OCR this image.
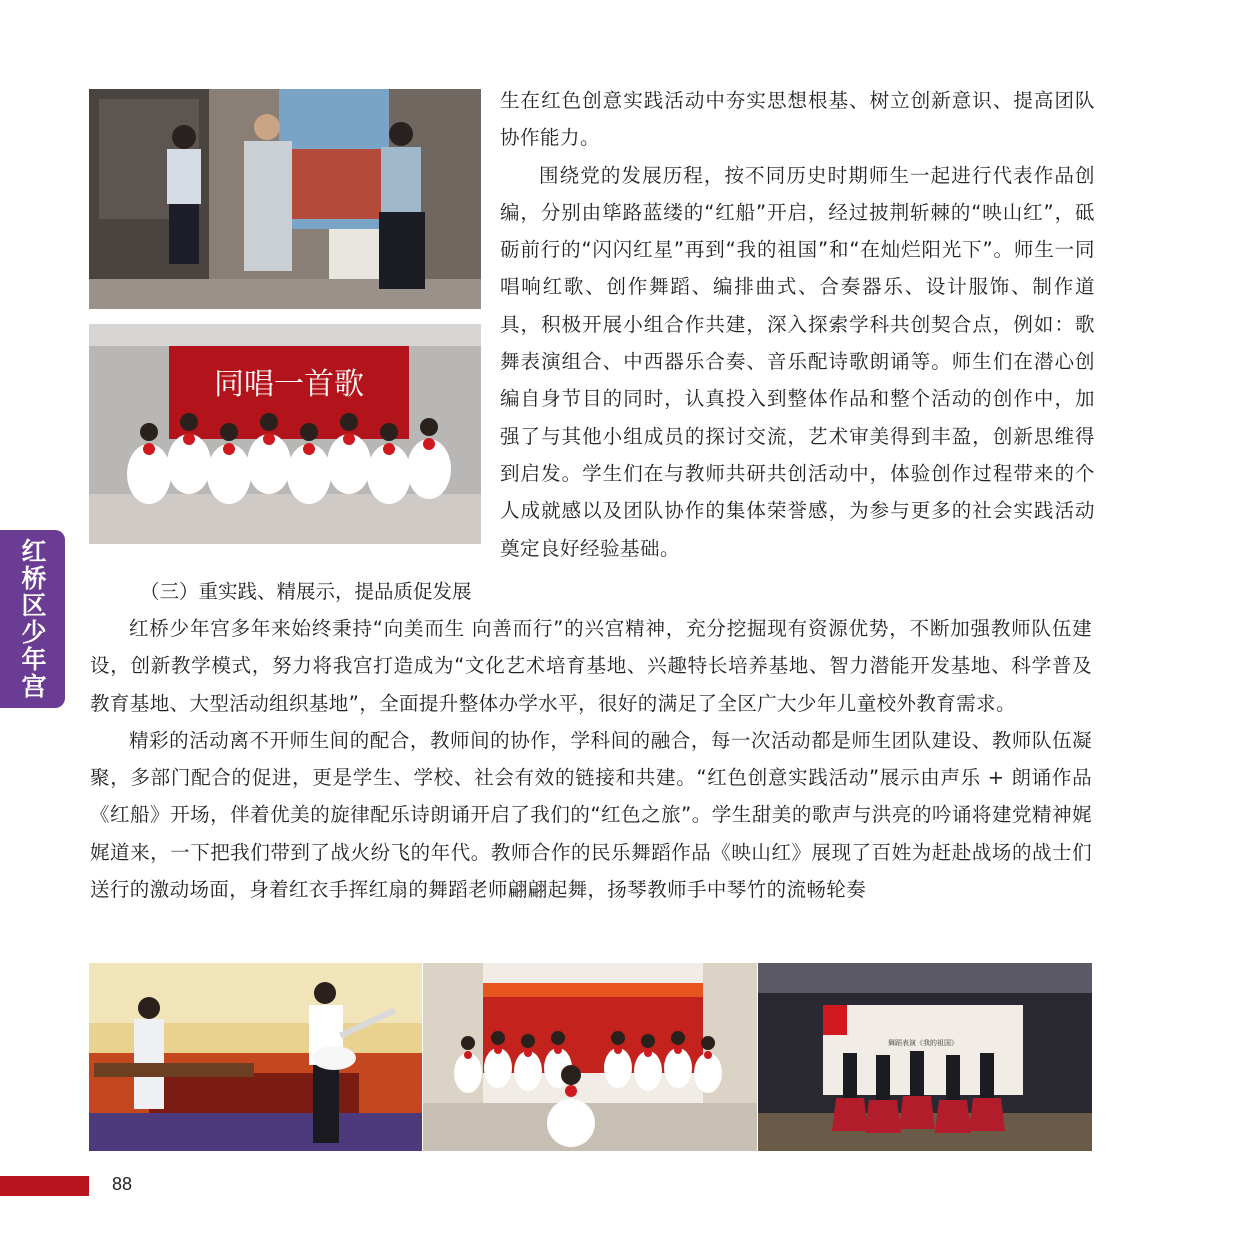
同唱一首歌

生在红色创意实践活动中夯实思想根基、树立创新意识、提高团队协作能力。

围绕党的发展历程，按不同历史时期师生一起进行代表作品创编，分别由筚路蓝缕的“红船”开启，经过披荆斩棘的“映山红”，砥砺前行的“闪闪红星”再到“我的祖国”和“在灿烂阳光下”。师生一同唱响红歌、创作舞蹈、编排曲式、合奏器乐、设计服饰、制作道具，积极开展小组合作共建，深入探索学科共创契合点，例如：歌舞表演组合、中西器乐合奏、音乐配诗歌朗诵等。师生们在潜心创编自身节目的同时，认真投入到整体作品和整个活动的创作中，加强了与其他小组成员的探讨交流，艺术审美得到丰盈，创新思维得到启发。学生们在与教师共研共创活动中，体验创作过程带来的个人成就感以及团队协作的集体荣誉感，为参与更多的社会实践活动奠定良好经验基础。

（三）重实践、精展示，提品质促发展

红桥少年宫多年来始终秉持“向美而生 向善而行”的兴宫精神，充分挖掘现有资源优势，不断加强教师队伍建设，创新教学模式，努力将我宫打造成为“文化艺术培育基地、兴趣特长培养基地、智力潜能开发基地、科学普及教育基地、大型活动组织基地”，全面提升整体办学水平，很好的满足了全区广大少年儿童校外教育需求。

精彩的活动离不开师生间的配合，教师间的协作，学科间的融合，每一次活动都是师生团队建设、教师队伍凝聚，多部门配合的促进，更是学生、学校、社会有效的链接和共建。“红色创意实践活动”展示由声乐 + 朗诵作品《红船》开场，伴着优美的旋律配乐诗朗诵开启了我们的“红色之旅”。学生甜美的歌声与洪亮的吟诵将建党精神娓娓道来，一下把我们带到了战火纷飞的年代。教师合作的民乐舞蹈作品《映山红》展现了百姓为赶赴战场的战士们送行的激动场面，身着红衣手挥红扇的舞蹈老师翩翩起舞，扬琴教师手中琴竹的流畅轮奏

红桥区少年宫
舞蹈表演《我的祖国》
88
